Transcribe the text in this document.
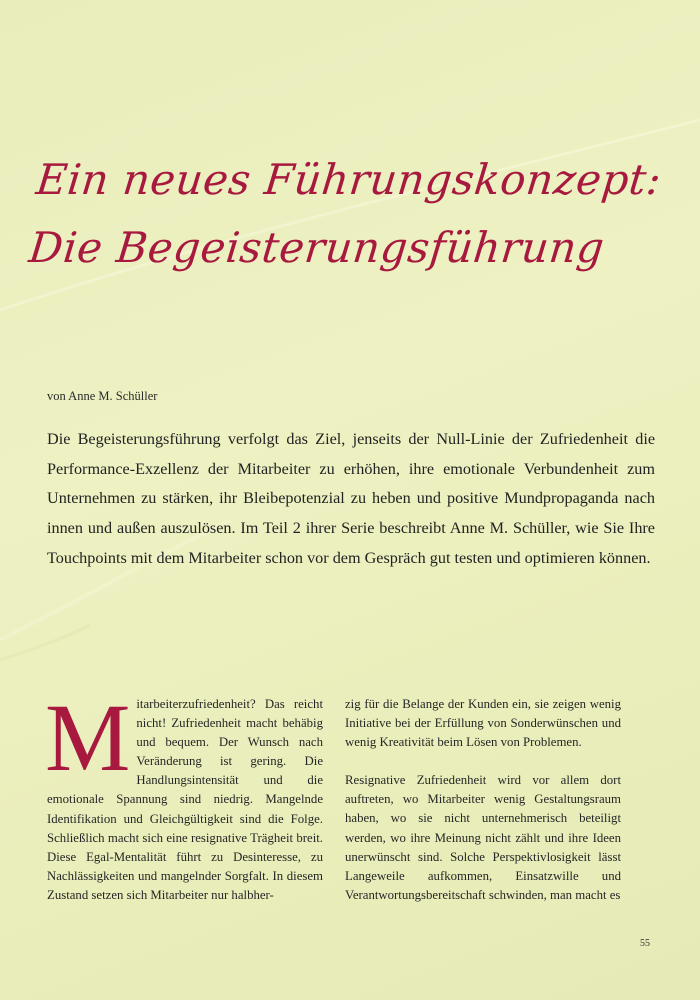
Ein neues Führungskonzept:
Die Begeisterungsführung
von Anne M. Schüller

Die Begeisterungsführung verfolgt das Ziel, jenseits der Null-Linie der Zufriedenheit die Performance-Exzellenz der Mitarbeiter zu erhöhen, ihre emotionale Verbundenheit zum Unternehmen zu stärken, ihr Bleibepotenzial zu heben und positive Mundpropaganda nach innen und außen auszulösen. Im Teil 2 ihrer Serie beschreibt Anne M. Schüller, wie Sie Ihre Touchpoints mit dem Mitarbeiter schon vor dem Gespräch gut testen und optimieren können.

Mitarbeiterzufriedenheit? Das reicht nicht! Zufriedenheit macht behäbig und bequem. Der Wunsch nach Veränderung ist gering. Die Handlungsintensität und die emotionale Spannung sind niedrig. Mangelnde Identifikation und Gleichgültigkeit sind die Folge. Schließlich macht sich eine resignative Trägheit breit. Diese Egal-Mentalität führt zu Desinteresse, zu Nachlässigkeiten und mangelnder Sorgfalt. In diesem Zustand setzen sich Mitarbeiter nur halbher-

zig für die Belange der Kunden ein, sie zeigen wenig Initiative bei der Erfüllung von Sonderwünschen und wenig Kreativität beim Lösen von Problemen.

Resignative Zufriedenheit wird vor allem dort auftreten, wo Mitarbeiter wenig Gestaltungsraum haben, wo sie nicht unternehmerisch beteiligt werden, wo ihre Meinung nicht zählt und ihre Ideen unerwünscht sind. Solche Perspektivlosigkeit lässt Langeweile aufkommen, Einsatzwille und Verantwortungsbereitschaft schwinden, man macht es

55
